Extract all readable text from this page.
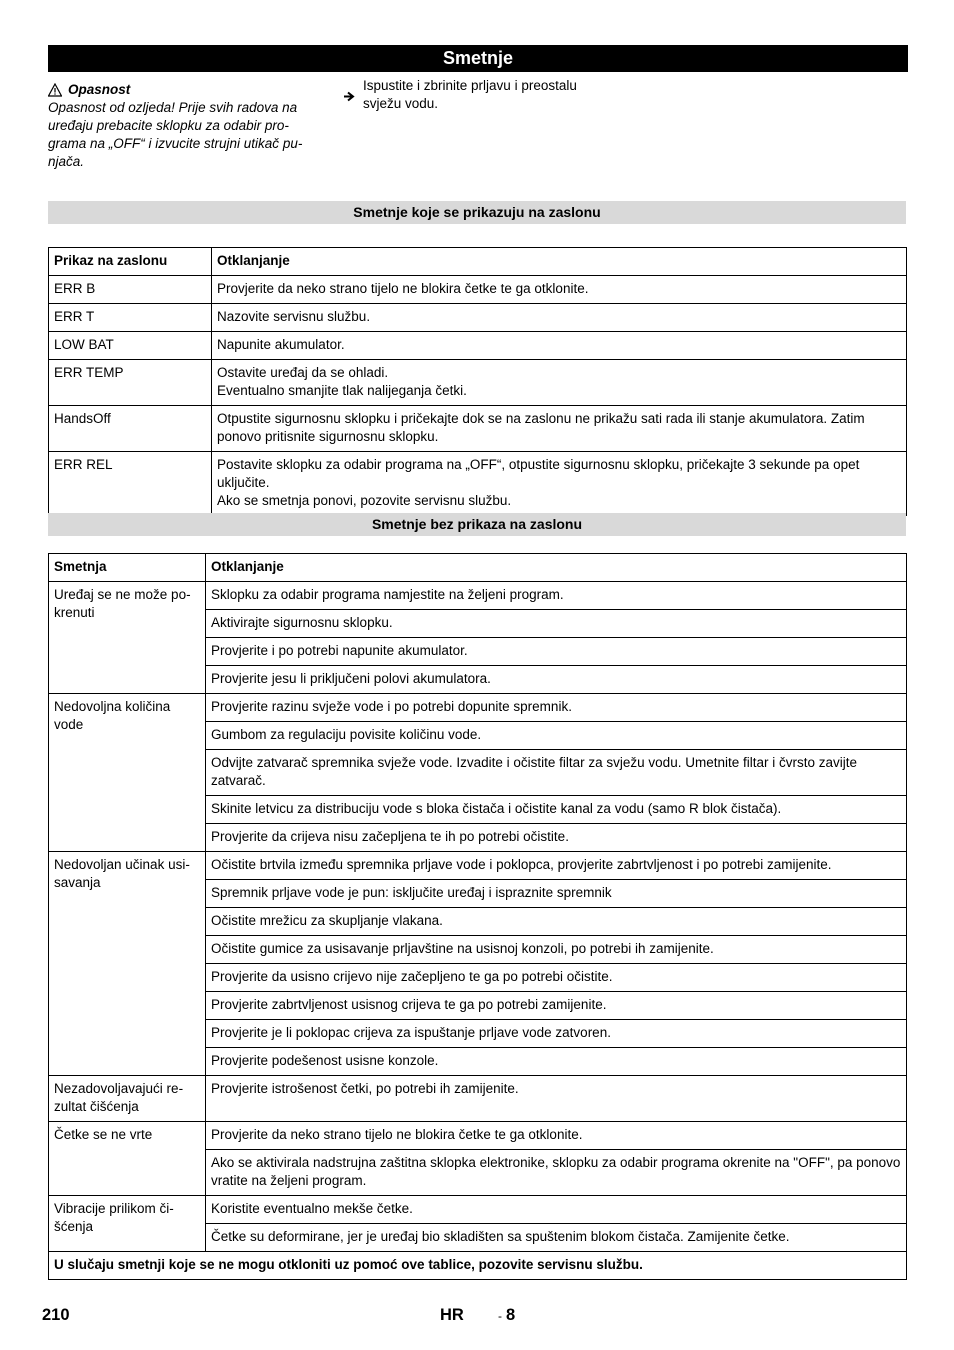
Smetnje
Opasnost
Opasnost od ozljeda! Prije svih radova na
uređaju prebacite sklopku za odabir pro-
grama na „OFF“ i izvucite strujni utikač pu-
njača.
Ispustite i zbrinite prljavu i preostalu
svježu vodu.
Smetnje koje se prikazuju na zaslonu
Prikaz na zaslonu	Otklanjanje
ERR B	Provjerite da neko strano tijelo ne blokira četke te ga otklonite.

ERR T	Nazovite servisnu službu.

LOW BAT	Napunite akumulator.

ERR TEMP	Ostavite uređaj da se ohladi.
Eventualno smanjite tlak nalijeganja četki.

HandsOff	Otpustite sigurnosnu sklopku i pričekajte dok se na zaslonu ne prikažu sati rada ili stanje akumulatora. Zatim ponovo pritisnite sigurnosnu sklopku.

ERR REL	Postavite sklopku za odabir programa na „OFF“, otpustite sigurnosnu sklopku, pričekajte 3 sekunde pa opet uključite.
Ako se smetnja ponovi, pozovite servisnu službu.
Smetnje bez prikaza na zaslonu
Smetnja	Otklanjanje

Uređaj se ne može po-
krenuti	Sklopku za odabir programa namjestite na željeni program.
	Aktivirajte sigurnosnu sklopku.
	Provjerite i po potrebi napunite akumulator.
	Provjerite jesu li priključeni polovi akumulatora.

Nedovoljna količina
vode	Provjerite razinu svježe vode i po potrebi dopunite spremnik.
	Gumbom za regulaciju povisite količinu vode.
	Odvijte zatvarač spremnika svježe vode. Izvadite i očistite filtar za svježu vodu. Umetnite filtar i čvrsto zavijte zatvarač.
	Skinite letvicu za distribuciju vode s bloka čistača i očistite kanal za vodu (samo R blok čistača).
	Provjerite da crijeva nisu začepljena te ih po potrebi očistite.

Nedovoljan učinak usi-
savanja	Očistite brtvila između spremnika prljave vode i poklopca, provjerite zabrtvljenost i po potrebi zamijenite.
	Spremnik prljave vode je pun: isključite uređaj i ispraznite spremnik
	Očistite mrežicu za skupljanje vlakana.
	Očistite gumice za usisavanje prljavštine na usisnoj konzoli, po potrebi ih zamijenite.
	Provjerite da usisno crijevo nije začepljeno te ga po potrebi očistite.
	Provjerite zabrtvljenost usisnog crijeva te ga po potrebi zamijenite.
	Provjerite je li poklopac crijeva za ispuštanje prljave vode zatvoren.
	Provjerite podešenost usisne konzole.

Nezadovoljavajući re-
zultat čišćenja	Provjerite istrošenost četki, po potrebi ih zamijenite.

Četke se ne vrte	Provjerite da neko strano tijelo ne blokira četke te ga otklonite.
	Ako se aktivirala nadstrujna zaštitna sklopka elektronike, sklopku za odabir programa okrenite na "OFF", pa ponovo vratite na željeni program.

Vibracije prilikom či-
šćenja	Koristite eventualno mekše četke.
	Četke su deformirane, jer je uređaj bio skladišten sa spuštenim blokom čistača. Zamijenite četke.
U slučaju smetnji koje se ne mogu otkloniti uz pomoć ove tablice, pozovite servisnu službu.	
210	HR	- 8
